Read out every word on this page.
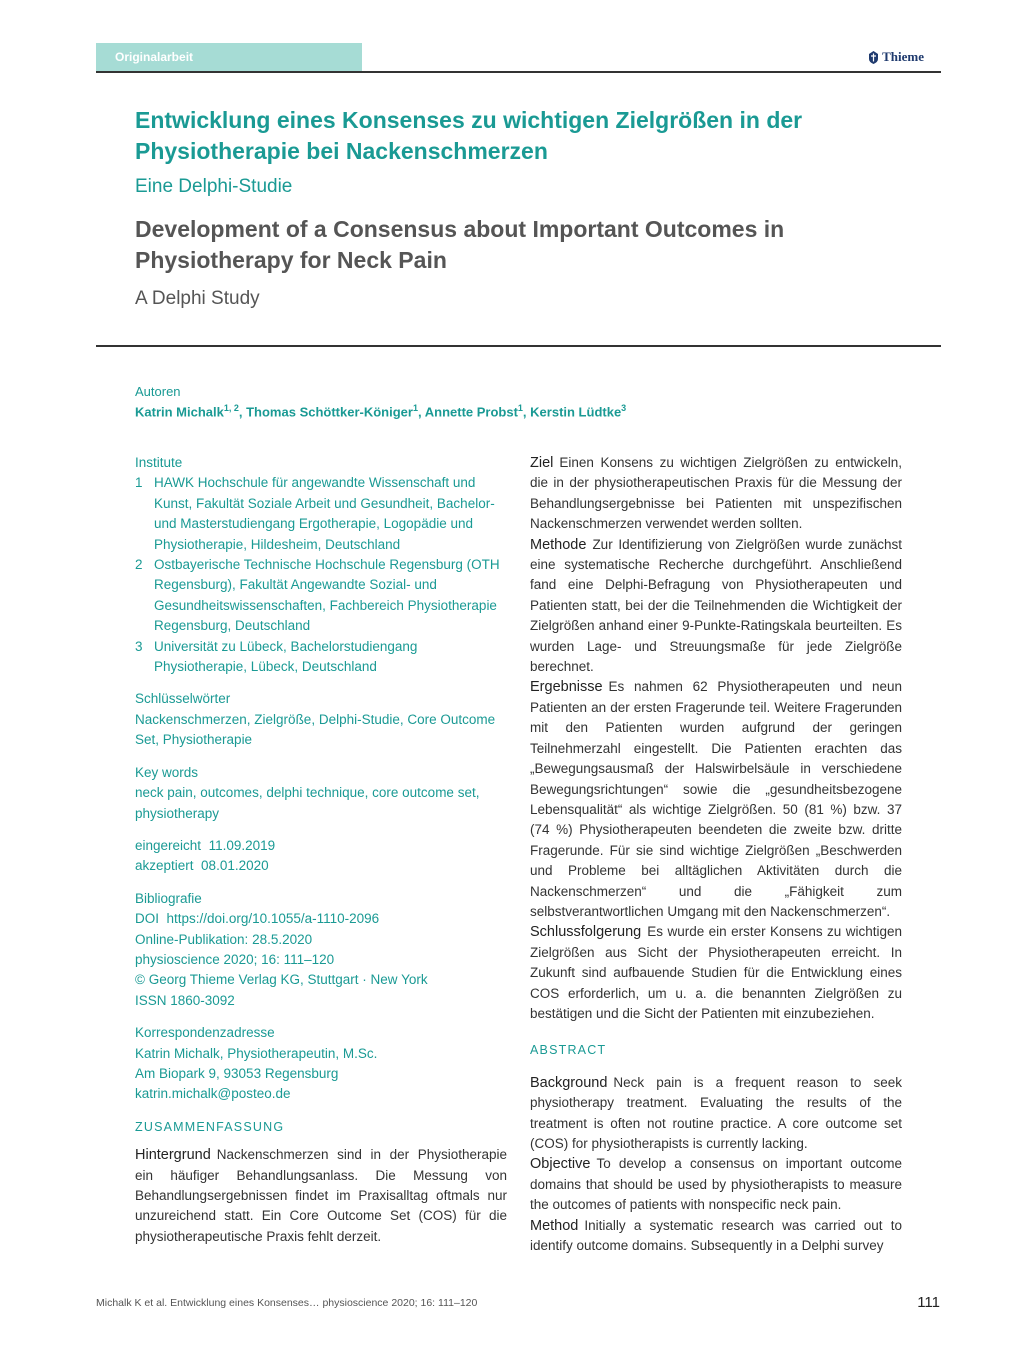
Originalarbeit	Thieme
Entwicklung eines Konsenses zu wichtigen Zielgrößen in der Physiotherapie bei Nackenschmerzen
Eine Delphi-Studie
Development of a Consensus about Important Outcomes in Physiotherapy for Neck Pain
A Delphi Study
Autoren
Katrin Michalk$^{1, 2}$, Thomas Schöttker-Königer$^1$, Annette Probst$^1$, Kerstin Lüdtke$^3$
Institute
1 HAWK Hochschule für angewandte Wissenschaft und Kunst, Fakultät Soziale Arbeit und Gesundheit, Bachelor- und Masterstudiengang Ergotherapie, Logopädie und Physiotherapie, Hildesheim, Deutschland
2 Ostbayerische Technische Hochschule Regensburg (OTH Regensburg), Fakultät Angewandte Sozial- und Gesundheitswissenschaften, Fachbereich Physiotherapie Regensburg, Deutschland
3 Universität zu Lübeck, Bachelorstudiengang Physiotherapie, Lübeck, Deutschland
Schlüsselwörter
Nackenschmerzen, Zielgröße, Delphi-Studie, Core Outcome Set, Physiotherapie
Key words
neck pain, outcomes, delphi technique, core outcome set, physiotherapy
eingereicht 11.09.2019
akzeptiert 08.01.2020
Bibliografie
DOI https://doi.org/10.1055/a-1110-2096
Online-Publikation: 28.5.2020
physioscience 2020; 16: 111–120
© Georg Thieme Verlag KG, Stuttgart · New York
ISSN 1860-3092
Korrespondenzadresse
Katrin Michalk, Physiotherapeutin, M.Sc.
Am Biopark 9, 93053 Regensburg
katrin.michalk@posteo.de
ZUSAMMENFASSUNG
Hintergrund Nackenschmerzen sind in der Physiotherapie ein häufiger Behandlungsanlass. Die Messung von Behandlungsergebnissen findet im Praxisalltag oftmals nur unzureichend statt. Ein Core Outcome Set (COS) für die physiotherapeutische Praxis fehlt derzeit.

Ziel Einen Konsens zu wichtigen Zielgrößen zu entwickeln, die in der physiotherapeutischen Praxis für die Messung der Behandlungsergebnisse bei Patienten mit unspezifischen Nackenschmerzen verwendet werden sollten.

Methode Zur Identifizierung von Zielgrößen wurde zunächst eine systematische Recherche durchgeführt. Anschließend fand eine Delphi-Befragung von Physiotherapeuten und Patienten statt, bei der die Teilnehmenden die Wichtigkeit der Zielgrößen anhand einer 9-Punkte-Ratingskala beurteilten. Es wurden Lage- und Streuungsmaße für jede Zielgröße berechnet.

Ergebnisse Es nahmen 62 Physiotherapeuten und neun Patienten an der ersten Fragerunde teil. Weitere Fragerunden mit den Patienten wurden aufgrund der geringen Teilnehmerzahl eingestellt. Die Patienten erachten das „Bewegungsausmaß der Halswirbelsäule in verschiedene Bewegungsrichtungen“ sowie die „gesundheitsbezogene Lebensqualität“ als wichtige Zielgrößen. 50 (81 %) bzw. 37 (74 %) Physiotherapeuten beendeten die zweite bzw. dritte Fragerunde. Für sie sind wichtige Zielgrößen „Beschwerden und Probleme bei alltäglichen Aktivitäten durch die Nackenschmerzen“ und die „Fähigkeit zum selbstverantwortlichen Umgang mit den Nackenschmerzen“.

Schlussfolgerung Es wurde ein erster Konsens zu wichtigen Zielgrößen aus Sicht der Physiotherapeuten erreicht. In Zukunft sind aufbauende Studien für die Entwicklung eines COS erforderlich, um u. a. die benannten Zielgrößen zu bestätigen und die Sicht der Patienten mit einzubeziehen.

ABSTRACT

Background Neck pain is a frequent reason to seek physiotherapy treatment. Evaluating the results of the treatment is often not routine practice. A core outcome set (COS) for physiotherapists is currently lacking.

Objective To develop a consensus on important outcome domains that should be used by physiotherapists to measure the outcomes of patients with nonspecific neck pain.

Method Initially a systematic research was carried out to identify outcome domains. Subsequently in a Delphi survey

Michalk K et al. Entwicklung eines Konsenses… physioscience 2020; 16: 111–120	111
